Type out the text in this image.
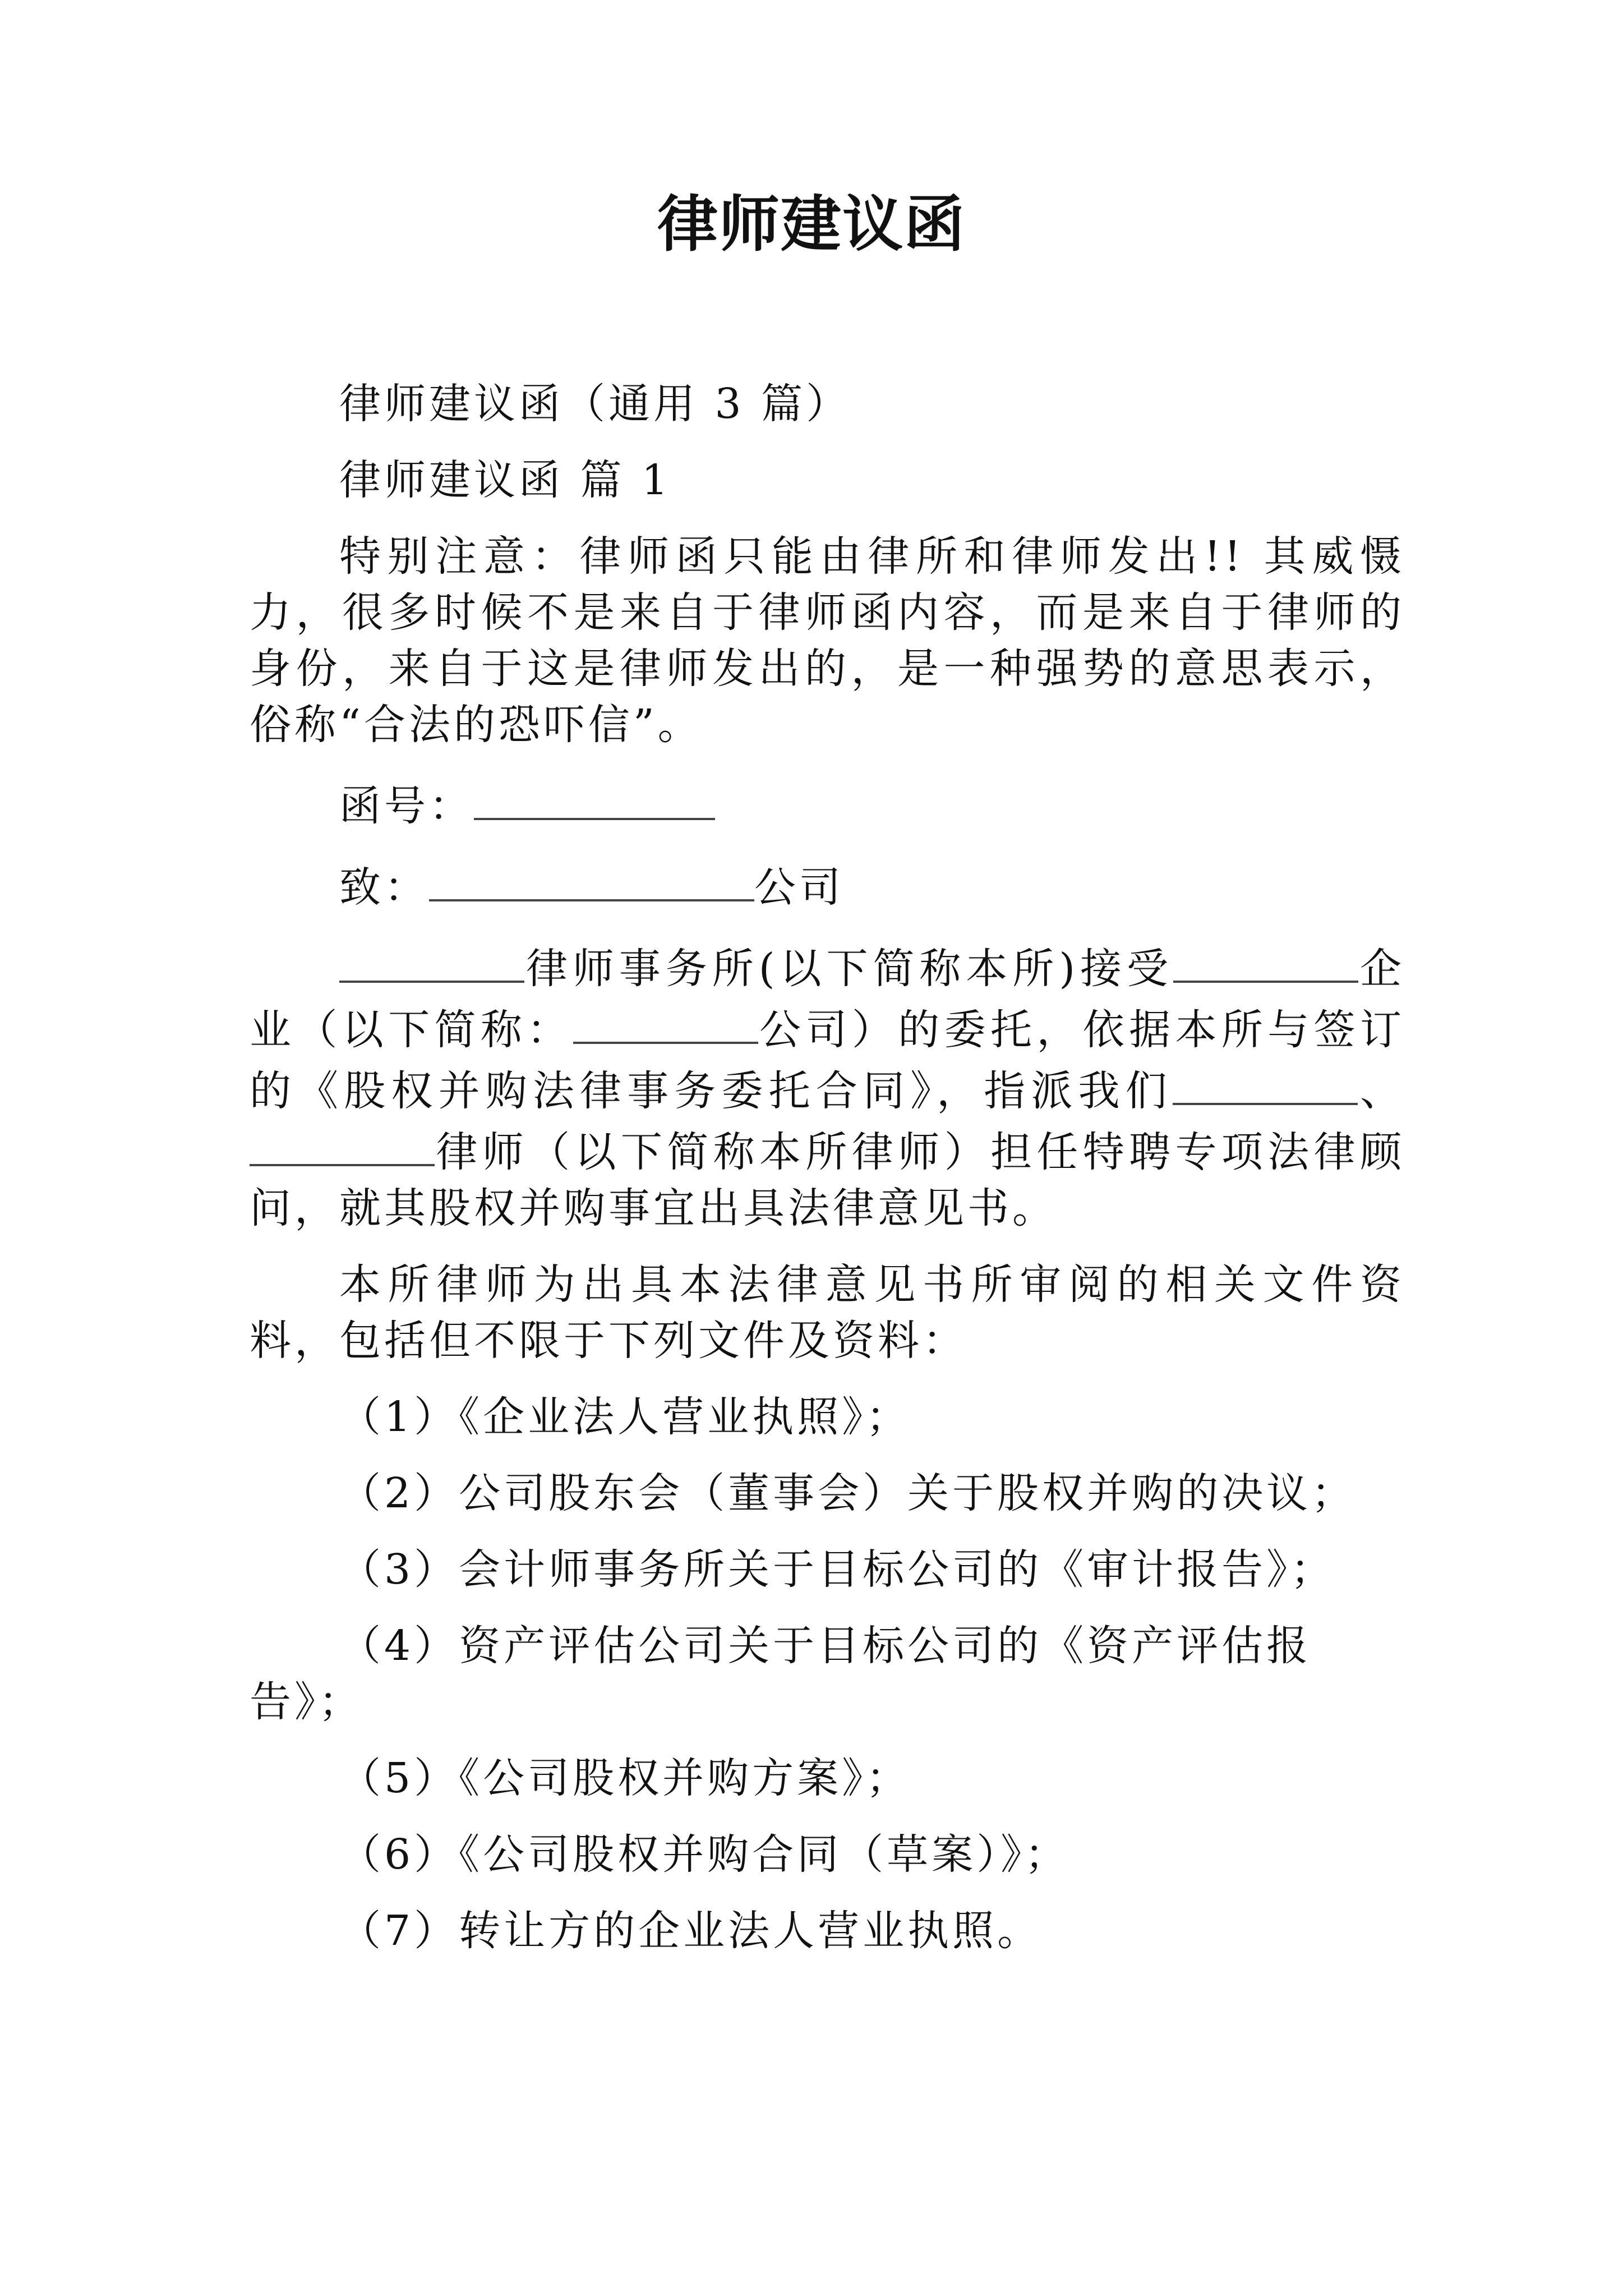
律师建议函

律师建议函（通用 3 篇）

律师建议函 篇 1

特别注意：律师函只能由律所和律师发出!! 其威慑力，很多时候不是来自于律师函内容，而是来自于律师的身份，来自于这是律师发出的，是一种强势的意思表示，俗称“合法的恐吓信”。

函号：

致：	公司

律师事务所(以下简称本所)接受	企业（以下简称：	公司）的委托，依据本所与签订的《股权并购法律事务委托合同》，指派我们	、律师（以下简称本所律师）担任特聘专项法律顾问，就其股权并购事宜出具法律意见书。

本所律师为出具本法律意见书所审阅的相关文件资料，包括但不限于下列文件及资料：

（1）《企业法人营业执照》；

（2）公司股东会（董事会）关于股权并购的决议；

（3）会计师事务所关于目标公司的《审计报告》；

（4）资产评估公司关于目标公司的《资产评估报告》；

（5）《公司股权并购方案》；

（6）《公司股权并购合同（草案）》；

（7）转让方的企业法人营业执照。
